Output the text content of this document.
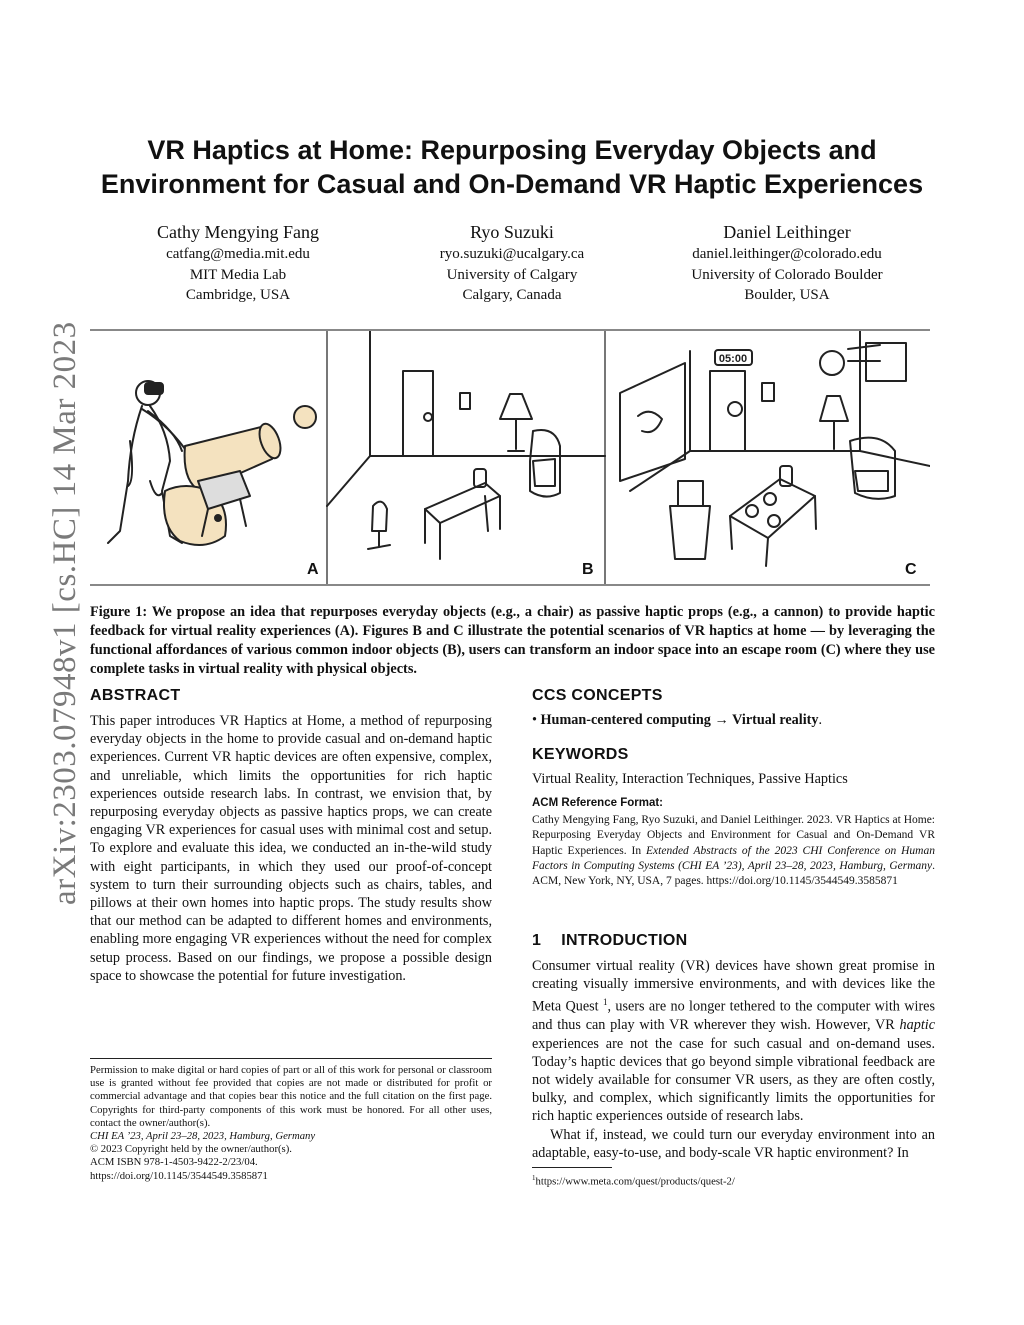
arXiv:2303.07948v1 [cs.HC] 14 Mar 2023
VR Haptics at Home: Repurposing Everyday Objects and
Environment for Casual and On-Demand VR Haptic Experiences
Cathy Mengying Fang
catfang@media.mit.edu
MIT Media Lab
Cambridge, USA
Ryo Suzuki
ryo.suzuki@ucalgary.ca
University of Calgary
Calgary, Canada
Daniel Leithinger
daniel.leithinger@colorado.edu
University of Colorado Boulder
Boulder, USA
05:00
A	B	C
Figure 1: We propose an idea that repurposes everyday objects (e.g., a chair) as passive haptic props (e.g., a cannon) to provide haptic feedback for virtual reality experiences (A). Figures B and C illustrate the potential scenarios of VR haptics at home — by leveraging the functional affordances of various common indoor objects (B), users can transform an indoor space into an escape room (C) where they use complete tasks in virtual reality with physical objects.
ABSTRACT
This paper introduces VR Haptics at Home, a method of repurposing everyday objects in the home to provide casual and on-demand haptic experiences. Current VR haptic devices are often expensive, complex, and unreliable, which limits the opportunities for rich haptic experiences outside research labs. In contrast, we envision that, by repurposing everyday objects as passive haptics props, we can create engaging VR experiences for casual uses with minimal cost and setup. To explore and evaluate this idea, we conducted an in-the-wild study with eight participants, in which they used our proof-of-concept system to turn their surrounding objects such as chairs, tables, and pillows at their own homes into haptic props. The study results show that our method can be adapted to different homes and environments, enabling more engaging VR experiences without the need for complex setup process. Based on our findings, we propose a possible design space to showcase the potential for future investigation.
Permission to make digital or hard copies of part or all of this work for personal or classroom use is granted without fee provided that copies are not made or distributed for profit or commercial advantage and that copies bear this notice and the full citation on the first page. Copyrights for third-party components of this work must be honored. For all other uses, contact the owner/author(s).
CHI EA ’23, April 23–28, 2023, Hamburg, Germany
© 2023 Copyright held by the owner/author(s).
ACM ISBN 978-1-4503-9422-2/23/04.
https://doi.org/10.1145/3544549.3585871
CCS CONCEPTS
• Human-centered computing → Virtual reality.
KEYWORDS
Virtual Reality, Interaction Techniques, Passive Haptics
ACM Reference Format:
Cathy Mengying Fang, Ryo Suzuki, and Daniel Leithinger. 2023. VR Haptics at Home: Repurposing Everyday Objects and Environment for Casual and On-Demand VR Haptic Experiences. In Extended Abstracts of the 2023 CHI Conference on Human Factors in Computing Systems (CHI EA ’23), April 23–28, 2023, Hamburg, Germany. ACM, New York, NY, USA, 7 pages. https://doi.org/10.1145/3544549.3585871
1 INTRODUCTION

Consumer virtual reality (VR) devices have shown great promise in creating visually immersive environments, and with devices like the Meta Quest $^1$, users are no longer tethered to the computer with wires and thus can play with VR wherever they wish. However, VR haptic experiences are not the case for such casual and on-demand uses. Today’s haptic devices that go beyond simple vibrational feedback are not widely available for consumer VR users, as they are often costly, bulky, and complex, which significantly limits the opportunities for rich haptic experiences outside of research labs.

What if, instead, we could turn our everyday environment into an adaptable, easy-to-use, and body-scale VR haptic environment? In

$^1$https://www.meta.com/quest/products/quest-2/
